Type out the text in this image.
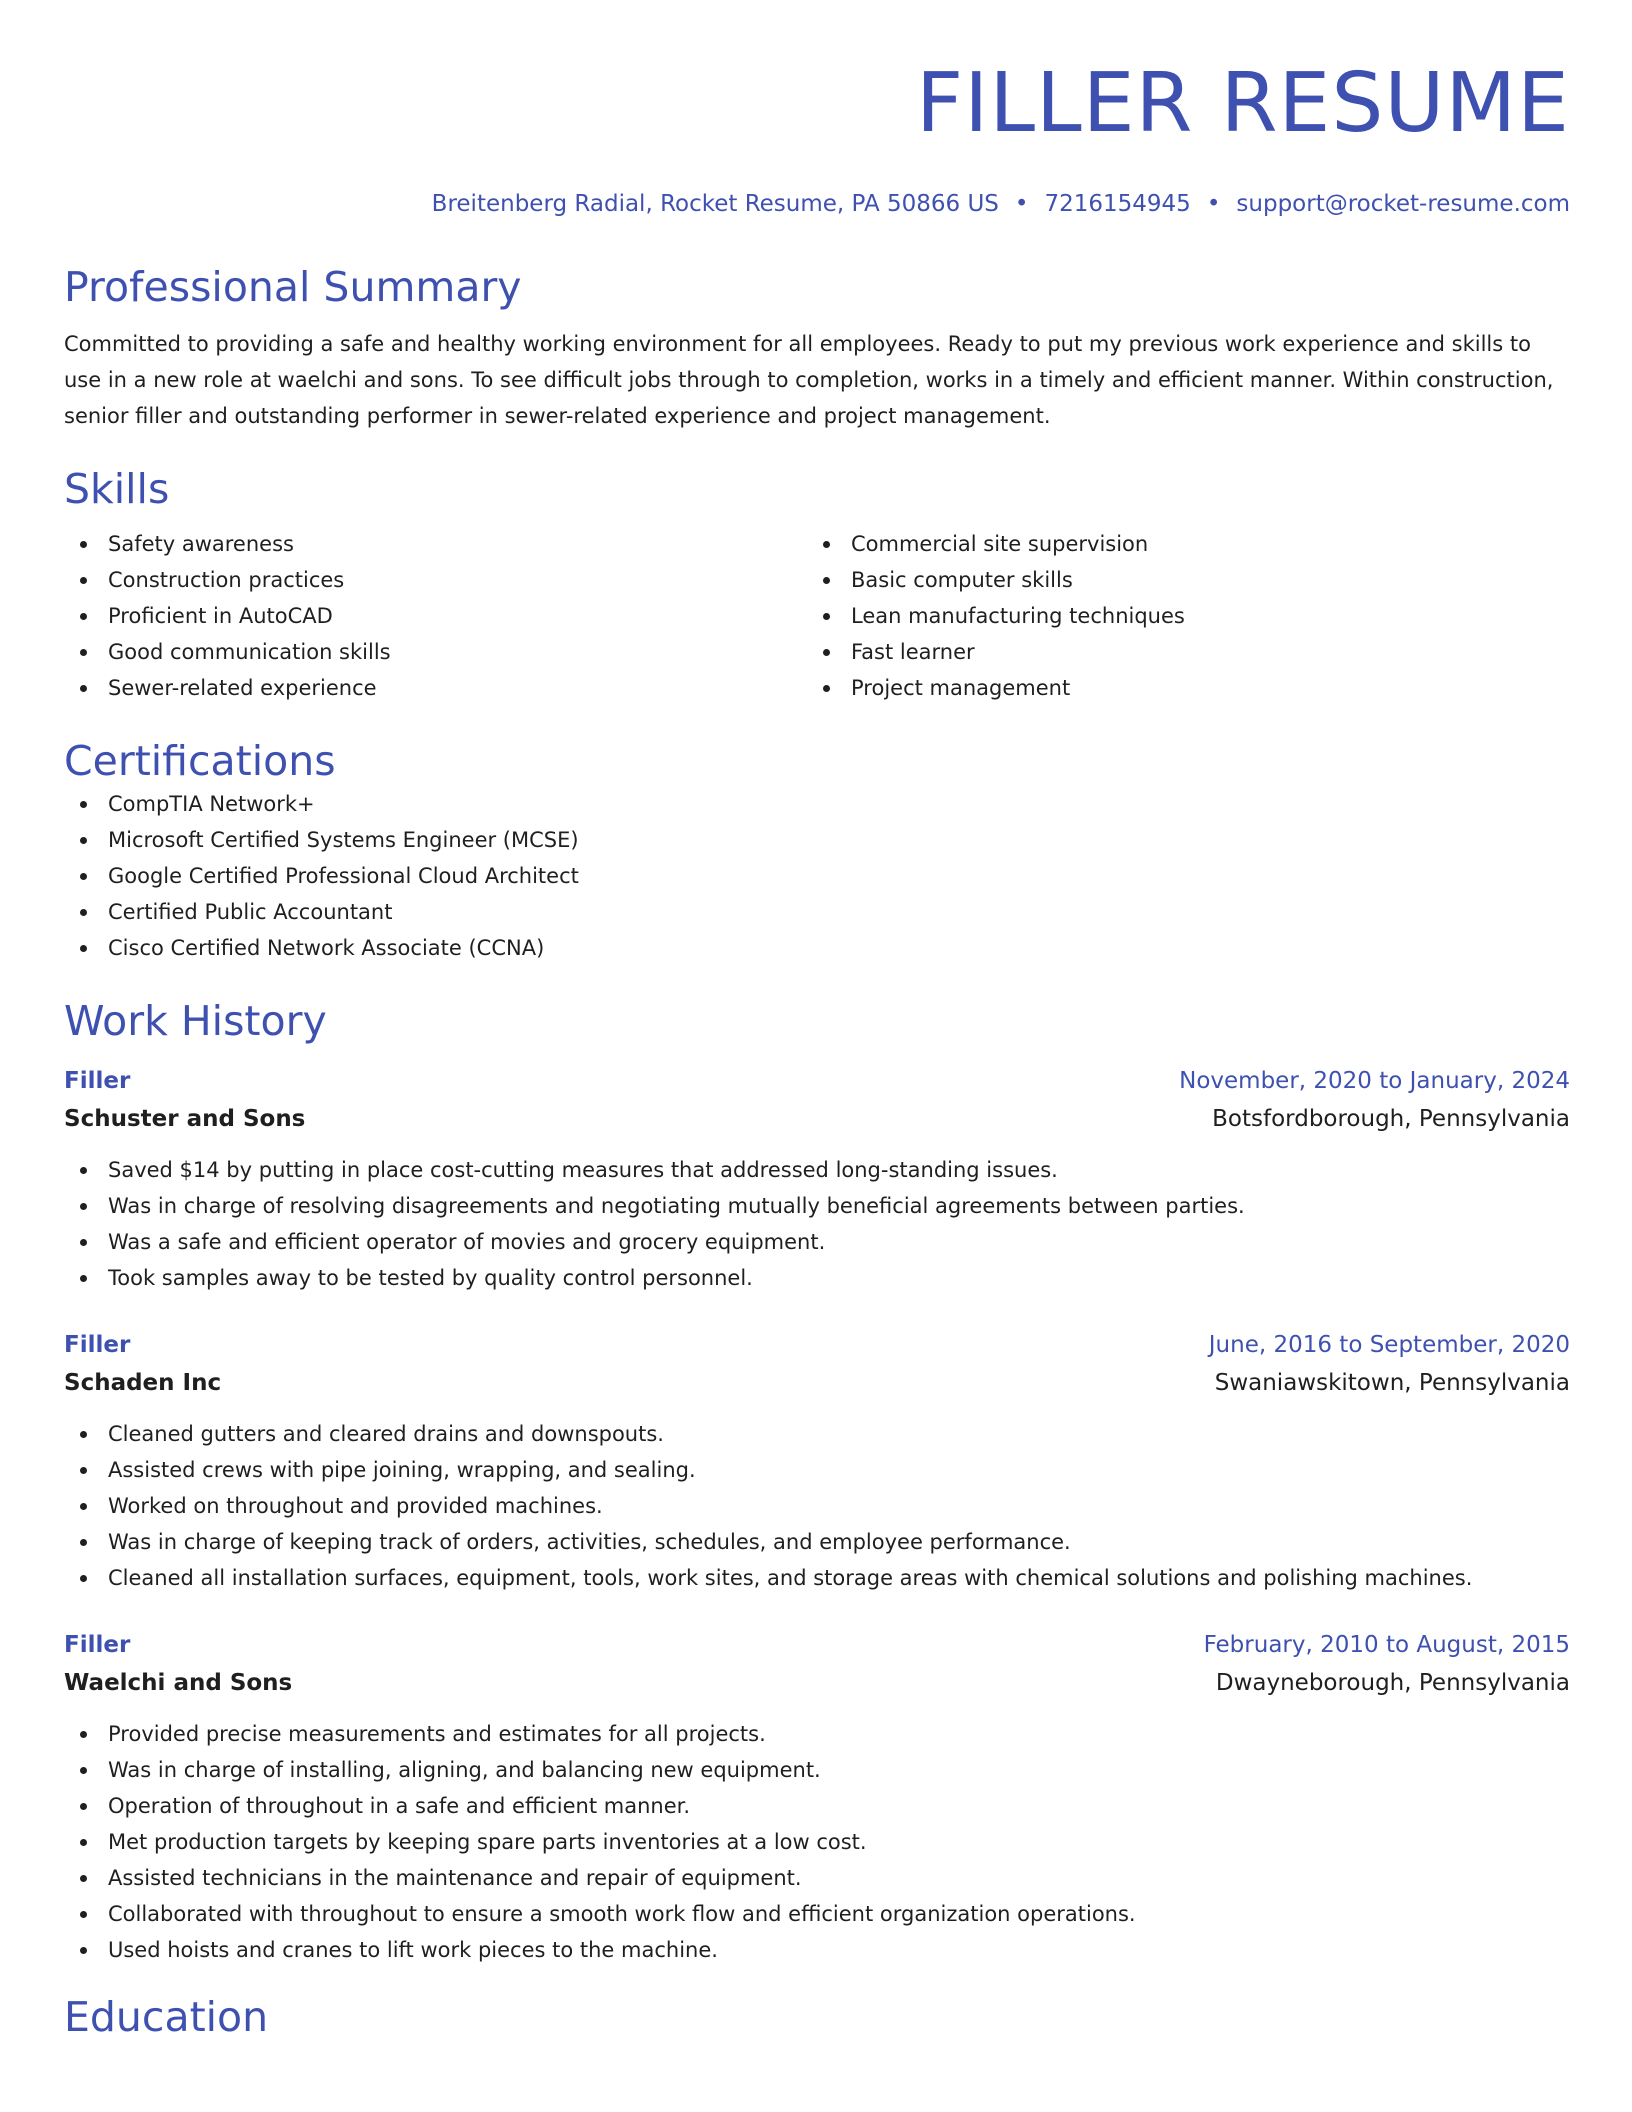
FILLER RESUME
Breitenberg Radial, Rocket Resume, PA 50866 US • 7216154945 • support@rocket-resume.com
Professional Summary

Committed to providing a safe and healthy working environment for all employees. Ready to put my previous work experience and skills to use in a new role at waelchi and sons. To see difficult jobs through to completion, works in a timely and efficient manner. Within construction, senior filler and outstanding performer in sewer-related experience and project management.

Skills
Safety awareness
Construction practices
Proficient in AutoCAD
Good communication skills
Sewer-related experience
Commercial site supervision
Basic computer skills
Lean manufacturing techniques
Fast learner
Project management
Certifications
CompTIA Network+
Microsoft Certified Systems Engineer (MCSE)
Google Certified Professional Cloud Architect
Certified Public Accountant
Cisco Certified Network Associate (CCNA)
Work History
Filler	November, 2020 to January, 2024
Schuster and Sons	Botsfordborough, Pennsylvania
Saved $14 by putting in place cost-cutting measures that addressed long-standing issues.
Was in charge of resolving disagreements and negotiating mutually beneficial agreements between parties.
Was a safe and efficient operator of movies and grocery equipment.
Took samples away to be tested by quality control personnel.
Filler	June, 2016 to September, 2020
Schaden Inc	Swaniawskitown, Pennsylvania
Cleaned gutters and cleared drains and downspouts.
Assisted crews with pipe joining, wrapping, and sealing.
Worked on throughout and provided machines.
Was in charge of keeping track of orders, activities, schedules, and employee performance.
Cleaned all installation surfaces, equipment, tools, work sites, and storage areas with chemical solutions and polishing machines.
Filler	February, 2010 to August, 2015
Waelchi and Sons	Dwayneborough, Pennsylvania
Provided precise measurements and estimates for all projects.
Was in charge of installing, aligning, and balancing new equipment.
Operation of throughout in a safe and efficient manner.
Met production targets by keeping spare parts inventories at a low cost.
Assisted technicians in the maintenance and repair of equipment.
Collaborated with throughout to ensure a smooth work flow and efficient organization operations.
Used hoists and cranes to lift work pieces to the machine.
Education
